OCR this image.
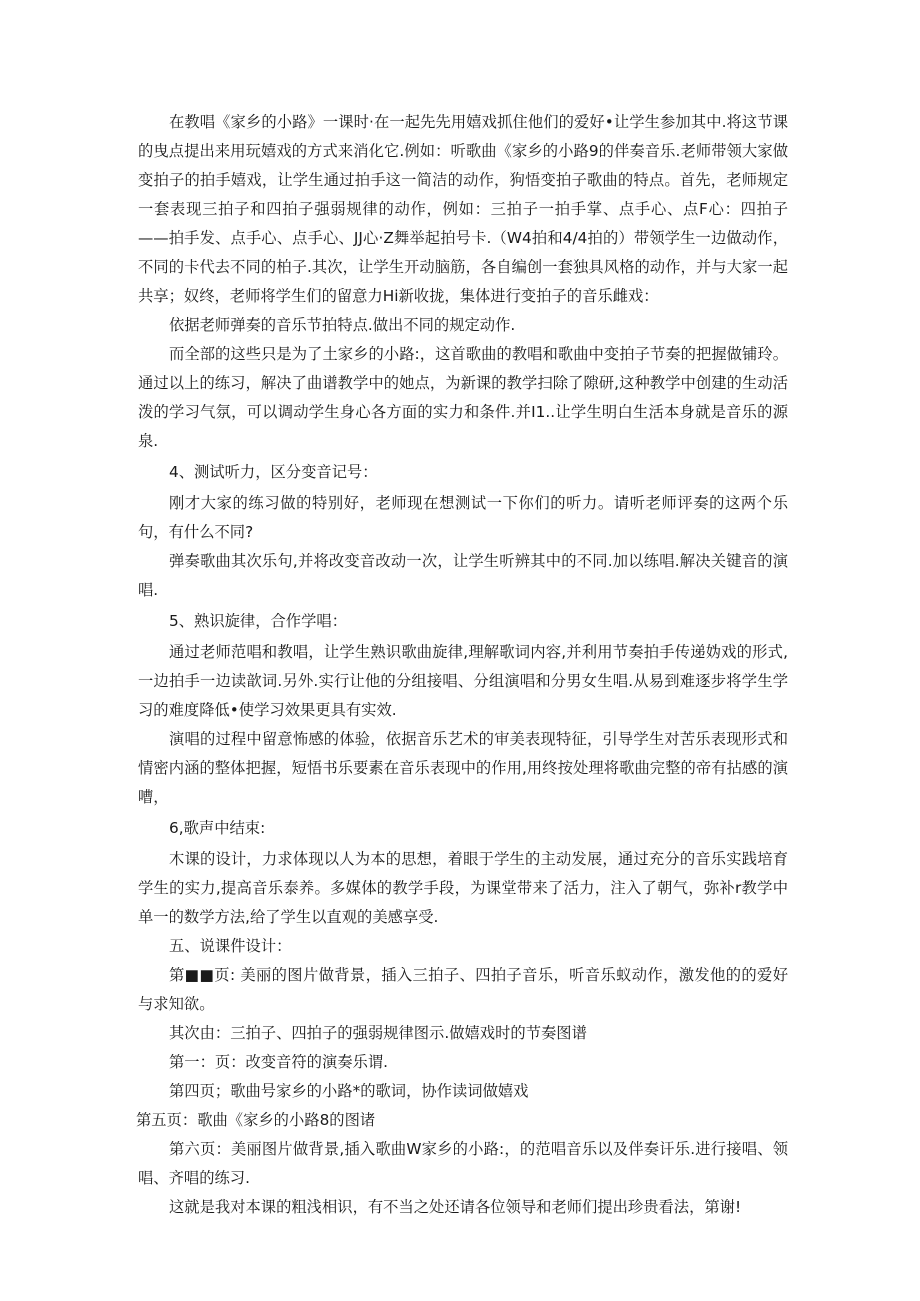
在教唱《家乡的小路》一课时·在一起先先用嬉戏抓住他们的爱好•让学生参加其中.将这节课的曳点提出来用玩嬉戏的方式来消化它.例如：听歌曲《家乡的小路9的伴奏音乐.老师带领大家做变拍子的拍手嬉戏，让学生通过拍手这一简洁的动作，狗悟变拍子歌曲的特点。首先，老师规定一套表现三拍子和四拍子强弱规律的动作，例如：三拍子一拍手掌、点手心、点F心：四拍子——拍手发、点手心、点手心、JJ心·Z舞举起拍号卡.（W4拍和4/4拍的）带领学生一边做动作，不同的卡代去不同的柏子.其次，让学生开动脑筋，各自编创一套独具风格的动作，并与大家一起共享；奴终，老师将学生们的留意力Hi新收拢，集体进行变拍子的音乐雌戏：

依据老师弹奏的音乐节拍特点.做出不同的规定动作.

而全部的这些只是为了土家乡的小路:，这首歌曲的教唱和歌曲中变拍子节奏的把握做铺玲。通过以上的练习，解决了曲谱教学中的她点，为新课的教学扫除了隙研,这种教学中创建的生动活泼的学习气氛，可以调动学生身心各方面的实力和条件.并I1..让学生明白生活本身就是音乐的源泉.

4、测试听力，区分变音记号：

刚才大家的练习做的特别好，老师现在想测试一下你们的听力。请听老师评奏的这两个乐句，有什么不同?

弹奏歌曲其次乐句,并将改变音改动一次，让学生听辨其中的不同.加以练唱.解决关键音的演唱.

5、熟识旋律，合作学唱：

通过老师范唱和教唱，让学生熟识歌曲旋律,理解歌词内容,并利用节奏拍手传递妫戏的形式,一边拍手一边读歆词.另外.实行让他的分组接唱、分组演唱和分男女生唱.从易到难逐步将学生学习的难度降低•使学习效果更具有实效.

演唱的过程中留意怖感的体验，依据音乐艺术的审美表现特征，引导学生对苦乐表现形式和情密内涵的整体把握，短悟书乐要素在音乐表现中的作用,用终按处理将歌曲完整的帝有拈感的演嘈，

6,歌声中结束:

木课的设计，力求体现以人为本的思想，着眼于学生的主动发展，通过充分的音乐实践培育学生的实力,提高音乐泰养。多媒体的教学手段，为课堂带来了活力，注入了朝气，弥补r教学中单一的数学方法,给了学生以直观的美感享受.

五、说课件设计：

第■■页: 美丽的图片做背景，插入三拍子、四拍子音乐，听音乐蚁动作，激发他的的爱好与求知欲。

其次由：三拍子、四拍子的强弱规律图示.做嬉戏时的节奏图谱

第一：页：改变音符的演奏乐谓.

第四页；歌曲号家乡的小路*的歌词，协作读词做嬉戏

第五页：歌曲《家乡的小路8的图诸

第六页：美丽图片做背景,插入歌曲W家乡的小路:，的范唱音乐以及伴奏讦乐.进行接唱、领唱、齐唱的练习.

这就是我对本课的粗浅相识，有不当之处还请各位领导和老师们提出珍贵看法，第谢!
